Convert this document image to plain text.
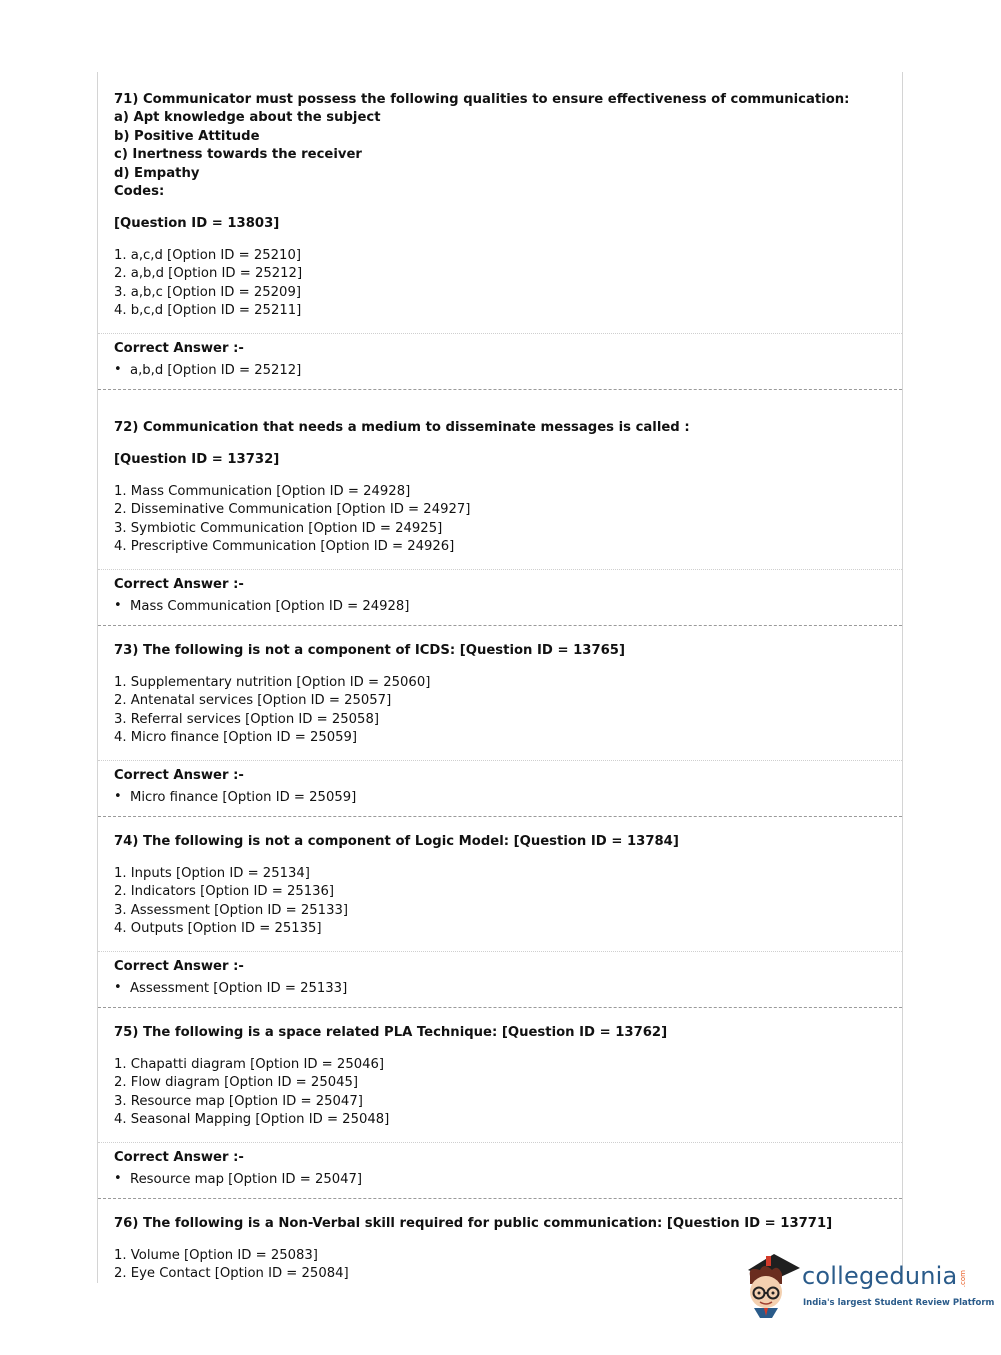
71) Communicator must possess the following qualities to ensure effectiveness of communication:
a) Apt knowledge about the subject
b) Positive Attitude
c) Inertness towards the receiver
d) Empathy
Codes:
[Question ID = 13803]
1. a,c,d [Option ID = 25210]
2. a,b,d [Option ID = 25212]
3. a,b,c [Option ID = 25209]
4. b,c,d [Option ID = 25211]
Correct Answer :-
• a,b,d [Option ID = 25212]
72) Communication that needs a medium to disseminate messages is called :
[Question ID = 13732]
1. Mass Communication [Option ID = 24928]
2. Disseminative Communication [Option ID = 24927]
3. Symbiotic Communication [Option ID = 24925]
4. Prescriptive Communication [Option ID = 24926]
Correct Answer :-
• Mass Communication [Option ID = 24928]
73) The following is not a component of ICDS: [Question ID = 13765]
1. Supplementary nutrition [Option ID = 25060]
2. Antenatal services [Option ID = 25057]
3. Referral services [Option ID = 25058]
4. Micro finance [Option ID = 25059]
Correct Answer :-
• Micro finance [Option ID = 25059]
74) The following is not a component of Logic Model: [Question ID = 13784]
1. Inputs [Option ID = 25134]
2. Indicators [Option ID = 25136]
3. Assessment [Option ID = 25133]
4. Outputs [Option ID = 25135]
Correct Answer :-
• Assessment [Option ID = 25133]
75) The following is a space related PLA Technique: [Question ID = 13762]
1. Chapatti diagram [Option ID = 25046]
2. Flow diagram [Option ID = 25045]
3. Resource map [Option ID = 25047]
4. Seasonal Mapping [Option ID = 25048]
Correct Answer :-
• Resource map [Option ID = 25047]
76) The following is a Non-Verbal skill required for public communication: [Question ID = 13771]
1. Volume [Option ID = 25083]
2. Eye Contact [Option ID = 25084]	collegedunia .com
India's largest Student Review Platform
